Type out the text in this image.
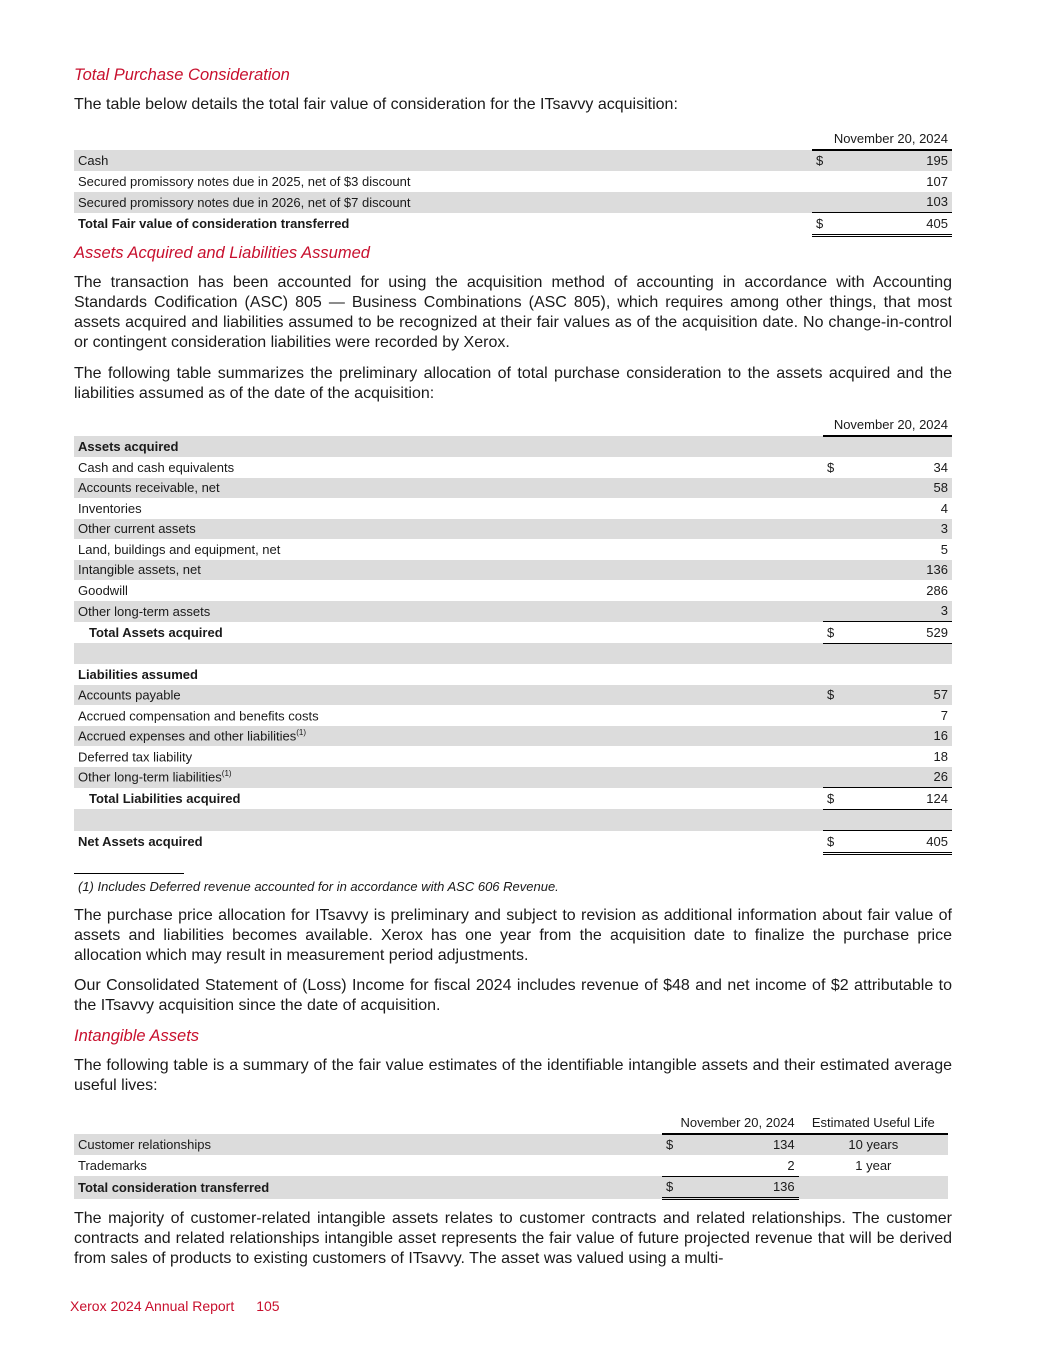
Total Purchase Consideration
The table below details the total fair value of consideration for the ITsavvy acquisition:
	November 20, 2024	
Cash	$	195
Secured promissory notes due in 2025, net of $3 discount		107
Secured promissory notes due in 2026, net of $7 discount		103
Total Fair value of consideration transferred	$	405
Assets Acquired and Liabilities Assumed
The transaction has been accounted for using the acquisition method of accounting in accordance with Accounting Standards Codification (ASC) 805 — Business Combinations (ASC 805), which requires among other things, that most assets acquired and liabilities assumed to be recognized at their fair values as of the acquisition date. No change-in-control or contingent consideration liabilities were recorded by Xerox.
The following table summarizes the preliminary allocation of total purchase consideration to the assets acquired and the liabilities assumed as of the date of the acquisition:
	November 20, 2024	
Assets acquired		
Cash and cash equivalents	$	34
Accounts receivable, net		58
Inventories		4
Other current assets		3
Land, buildings and equipment, net		5
Intangible assets, net		136
Goodwill		286
Other long-term assets		3
Total Assets acquired	$	529

Liabilities assumed		
Accounts payable	$	57
Accrued compensation and benefits costs		7
Accrued expenses and other liabilities$^{(1)}$		16
Deferred tax liability		18
Other long-term liabilities$^{(1)}$		26
Total Liabilities acquired	$	124

Net Assets acquired	$	405
(1) Includes Deferred revenue accounted for in accordance with ASC 606 Revenue.
The purchase price allocation for ITsavvy is preliminary and subject to revision as additional information about fair value of assets and liabilities becomes available. Xerox has one year from the acquisition date to finalize the purchase price allocation which may result in measurement period adjustments.
Our Consolidated Statement of (Loss) Income for fiscal 2024 includes revenue of $48 and net income of $2 attributable to the ITsavvy acquisition since the date of acquisition.
Intangible Assets
The following table is a summary of the fair value estimates of the identifiable intangible assets and their estimated average useful lives:
	November 20, 2024		Estimated Useful Life
Customer relationships	$	134	10 years
Trademarks		2	1 year
Total consideration transferred	$	136	
The majority of customer-related intangible assets relates to customer contracts and related relationships. The customer contracts and related relationships intangible asset represents the fair value of future projected revenue that will be derived from sales of products to existing customers of ITsavvy. The asset was valued using a multi-
Xerox 2024 Annual Report 105
